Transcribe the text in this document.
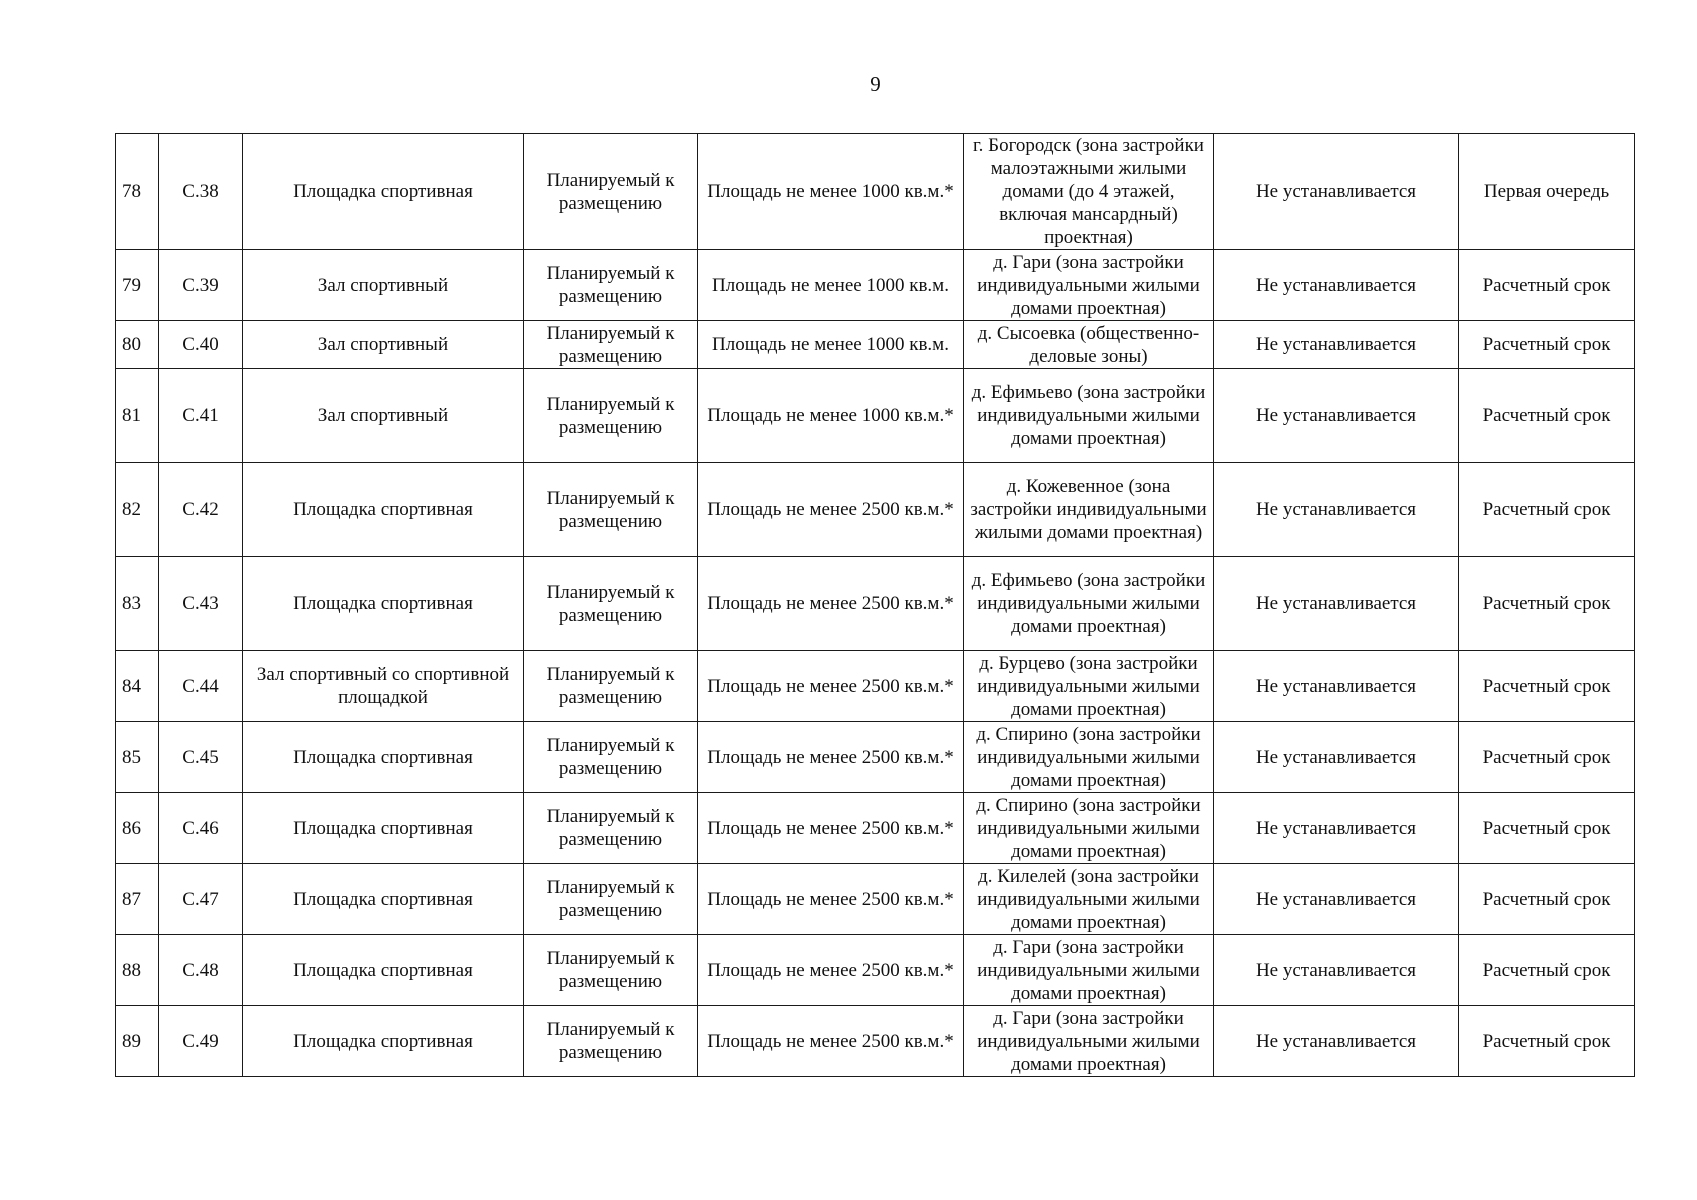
9
78	С.38	Площадка спортивная	Планируемый к размещению	Площадь не менее 1000 кв.м.*	г. Богородск (зона застройки малоэтажными жилыми домами (до 4 этажей, включая мансардный) проектная)	Не устанавливается	Первая очередь
79	С.39	Зал спортивный	Планируемый к размещению	Площадь не менее 1000 кв.м.	д. Гари (зона застройки индивидуальными жилыми домами проектная)	Не устанавливается	Расчетный срок
80	С.40	Зал спортивный	Планируемый к размещению	Площадь не менее 1000 кв.м.	д. Сысоевка (общественно-деловые зоны)	Не устанавливается	Расчетный срок
81	С.41	Зал спортивный	Планируемый к размещению	Площадь не менее 1000 кв.м.*	д. Ефимьево (зона застройки индивидуальными жилыми домами проектная)	Не устанавливается	Расчетный срок
82	С.42	Площадка спортивная	Планируемый к размещению	Площадь не менее 2500 кв.м.*	д. Кожевенное (зона застройки индивидуальными жилыми домами проектная)	Не устанавливается	Расчетный срок
83	С.43	Площадка спортивная	Планируемый к размещению	Площадь не менее 2500 кв.м.*	д. Ефимьево (зона застройки индивидуальными жилыми домами проектная)	Не устанавливается	Расчетный срок
84	С.44	Зал спортивный со спортивной площадкой	Планируемый к размещению	Площадь не менее 2500 кв.м.*	д. Бурцево (зона застройки индивидуальными жилыми домами проектная)	Не устанавливается	Расчетный срок
85	С.45	Площадка спортивная	Планируемый к размещению	Площадь не менее 2500 кв.м.*	д. Спирино (зона застройки индивидуальными жилыми домами проектная)	Не устанавливается	Расчетный срок
86	С.46	Площадка спортивная	Планируемый к размещению	Площадь не менее 2500 кв.м.*	д. Спирино (зона застройки индивидуальными жилыми домами проектная)	Не устанавливается	Расчетный срок
87	С.47	Площадка спортивная	Планируемый к размещению	Площадь не менее 2500 кв.м.*	д. Килелей (зона застройки индивидуальными жилыми домами проектная)	Не устанавливается	Расчетный срок
88	С.48	Площадка спортивная	Планируемый к размещению	Площадь не менее 2500 кв.м.*	д. Гари (зона застройки индивидуальными жилыми домами проектная)	Не устанавливается	Расчетный срок
89	С.49	Площадка спортивная	Планируемый к размещению	Площадь не менее 2500 кв.м.*	д. Гари (зона застройки индивидуальными жилыми домами проектная)	Не устанавливается	Расчетный срок
